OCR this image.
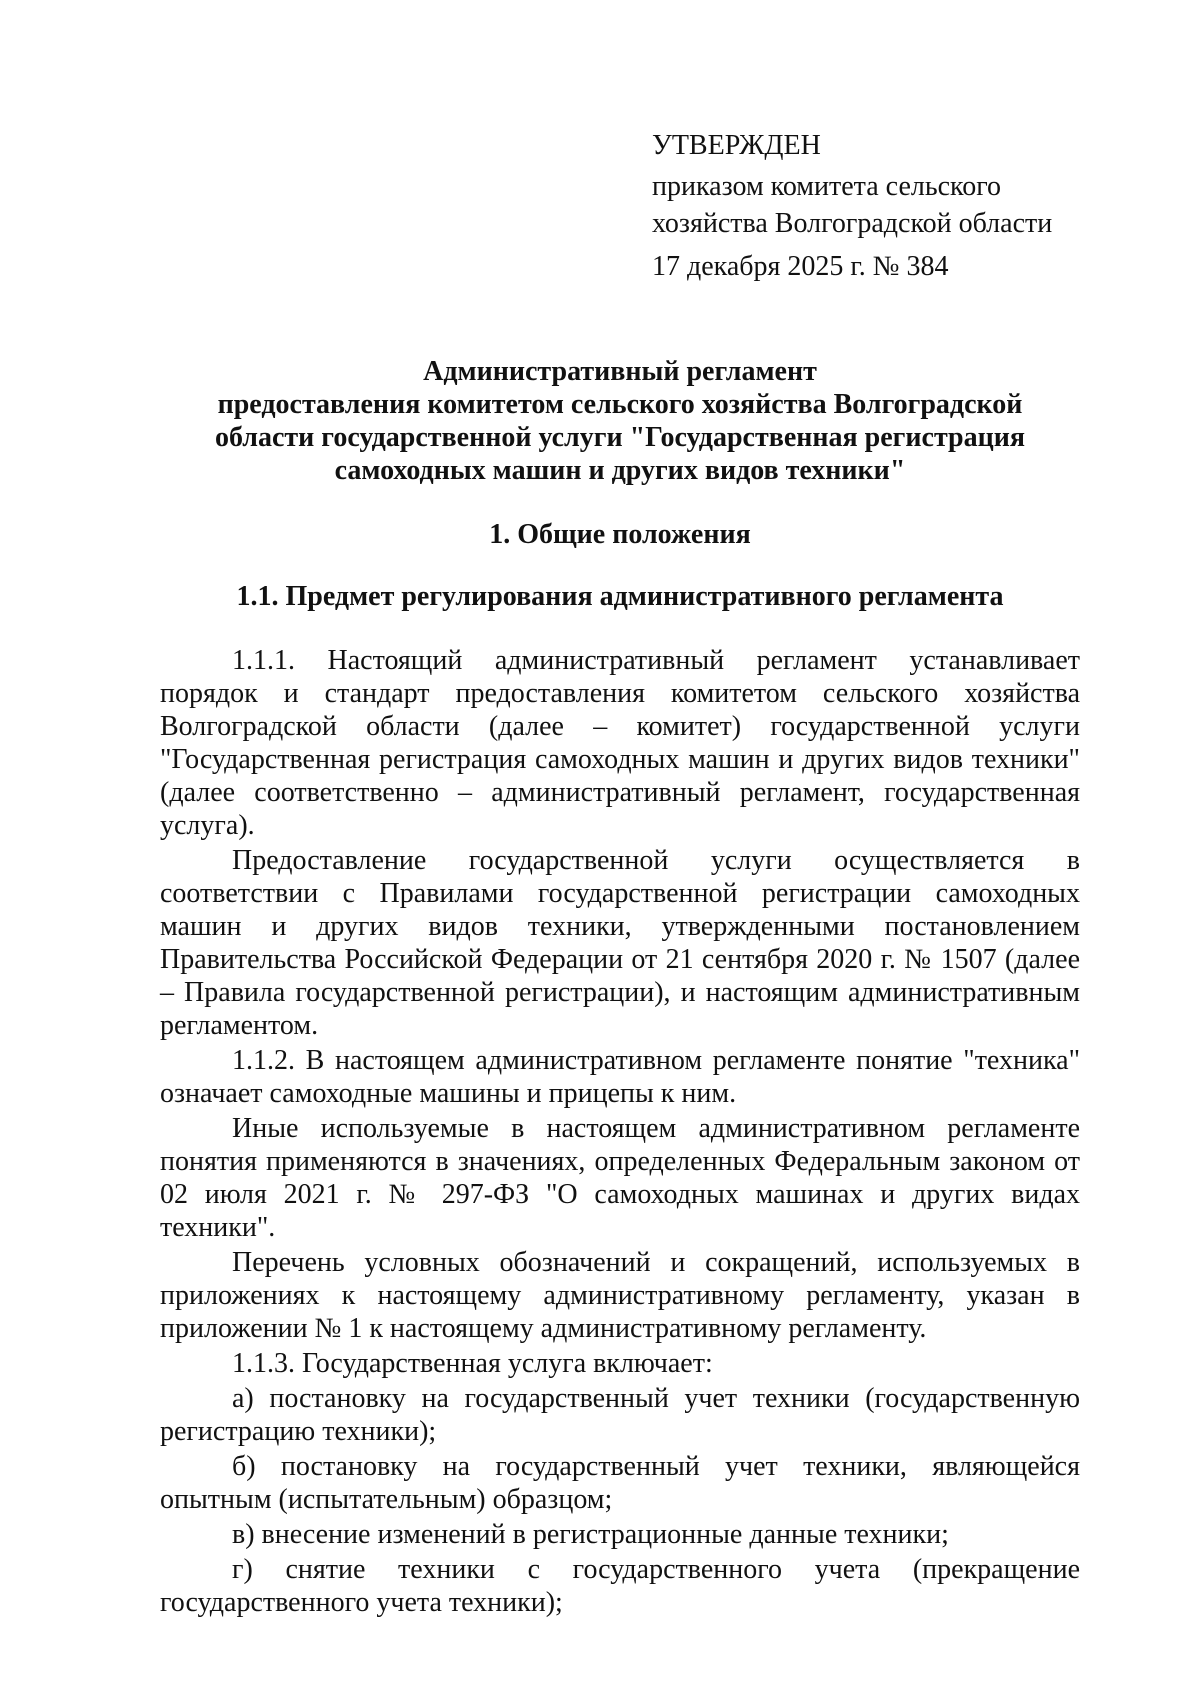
УТВЕРЖДЕН
приказом комитета сельского
хозяйства Волгоградской области
17 декабря 2025 г. № 384
Административный регламент
предоставления комитетом сельского хозяйства Волгоградской
области государственной услуги "Государственная регистрация
самоходных машин и других видов техники"
1. Общие положения
1.1. Предмет регулирования административного регламента

1.1.1. Настоящий административный регламент устанавливает порядок и стандарт предоставления комитетом сельского хозяйства Волгоградской области (далее – комитет) государственной услуги "Государственная регистрация самоходных машин и других видов техники" (далее соответственно – административный регламент, государственная услуга).

Предоставление государственной услуги осуществляется в соответствии с Правилами государственной регистрации самоходных машин и других видов техники, утвержденными постановлением Правительства Российской Федерации от 21 сентября 2020 г. № 1507 (далее – Правила государственной регистрации), и настоящим административным регламентом.

1.1.2. В настоящем административном регламенте понятие "техника" означает самоходные машины и прицепы к ним.

Иные используемые в настоящем административном регламенте понятия применяются в значениях, определенных Федеральным законом от 02 июля 2021 г. № 297-ФЗ "О самоходных машинах и других видах техники".

Перечень условных обозначений и сокращений, используемых в приложениях к настоящему административному регламенту, указан в приложении № 1 к настоящему административному регламенту.

1.1.3. Государственная услуга включает:

а) постановку на государственный учет техники (государственную регистрацию техники);

б) постановку на государственный учет техники, являющейся опытным (испытательным) образцом;

в) внесение изменений в регистрационные данные техники;

г) снятие техники с государственного учета (прекращение государственного учета техники);
